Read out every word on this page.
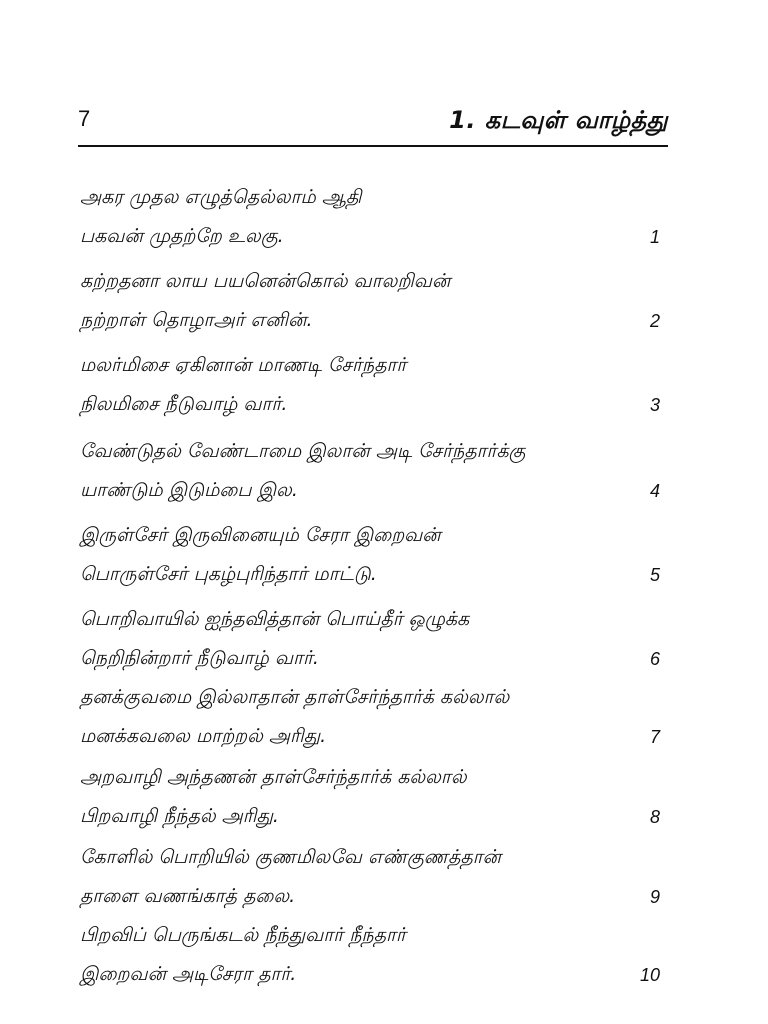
7	1. கடவுள் வாழ்த்து
அகர முதல எழுத்தெல்லாம் ஆதி
பகவன் முதற்றே உலகு.	1
கற்றதனா லாய பயனென்கொல் வாலறிவன்
நற்றாள் தொழாஅர் எனின்.	2
மலர்மிசை ஏகினான் மாணடி சேர்ந்தார்
நிலமிசை நீடுவாழ் வார்.	3
வேண்டுதல் வேண்டாமை இலான் அடி சேர்ந்தார்க்கு
யாண்டும் இடும்பை இல.	4
இருள்சேர் இருவினையும் சேரா இறைவன்
பொருள்சேர் புகழ்புரிந்தார் மாட்டு.	5
பொறிவாயில் ஐந்தவித்தான் பொய்தீர் ஒழுக்க
நெறிநின்றார் நீடுவாழ் வார்.	6
தனக்குவமை இல்லாதான் தாள்சேர்ந்தார்க் கல்லால்
மனக்கவலை மாற்றல் அரிது.	7
அறவாழி அந்தணன் தாள்சேர்ந்தார்க் கல்லால்
பிறவாழி நீந்தல் அரிது.	8
கோளில் பொறியில் குணமிலவே எண்குணத்தான்
தாளை வணங்காத் தலை.	9
பிறவிப் பெருங்கடல் நீந்துவார் நீந்தார்
இறைவன் அடிசேரா தார்.	10
